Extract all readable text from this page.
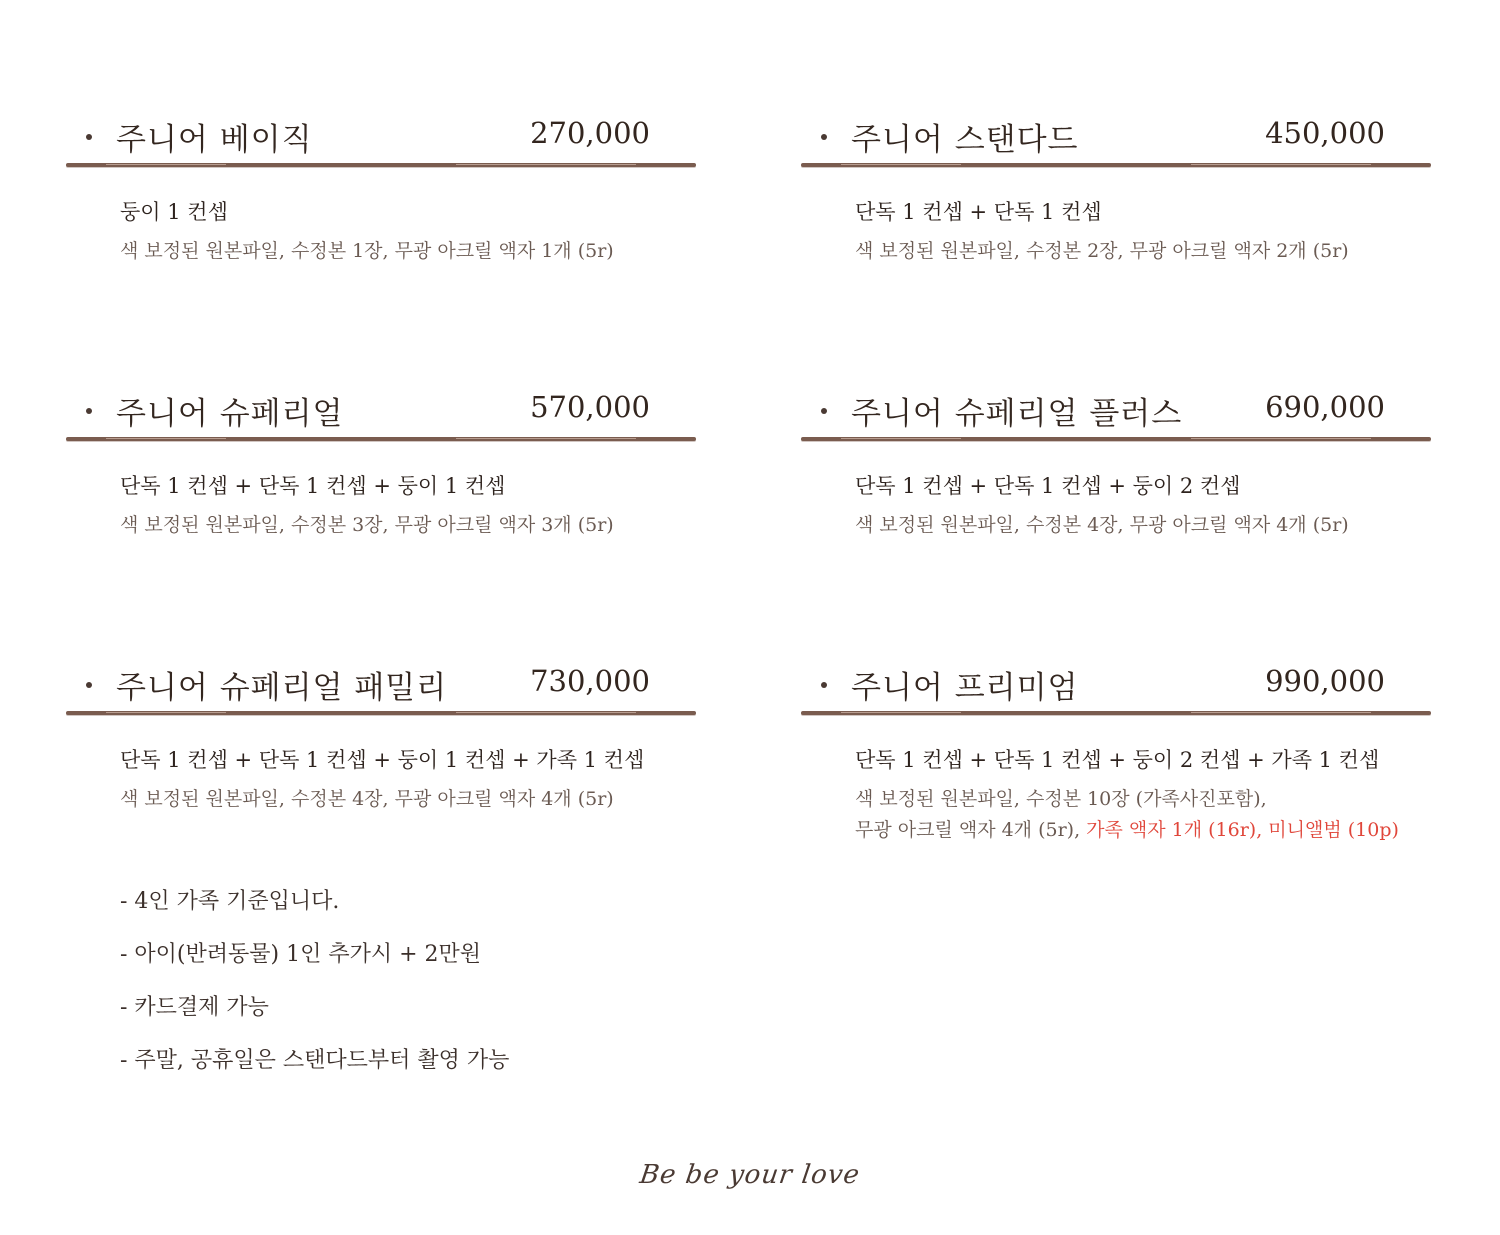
주니어 베이직	270,000
둥이 1 컨셉
색 보정된 원본파일, 수정본 1장, 무광 아크릴 액자 1개 (5r)
주니어 스탠다드	450,000
단독 1 컨셉 + 단독 1 컨셉
색 보정된 원본파일, 수정본 2장, 무광 아크릴 액자 2개 (5r)
주니어 슈페리얼	570,000
단독 1 컨셉 + 단독 1 컨셉 + 둥이 1 컨셉
색 보정된 원본파일, 수정본 3장, 무광 아크릴 액자 3개 (5r)
주니어 슈페리얼 플러스	690,000
단독 1 컨셉 + 단독 1 컨셉 + 둥이 2 컨셉
색 보정된 원본파일, 수정본 4장, 무광 아크릴 액자 4개 (5r)
주니어 슈페리얼 패밀리	730,000
단독 1 컨셉 + 단독 1 컨셉 + 둥이 1 컨셉 + 가족 1 컨셉
색 보정된 원본파일, 수정본 4장, 무광 아크릴 액자 4개 (5r)
주니어 프리미엄	990,000
단독 1 컨셉 + 단독 1 컨셉 + 둥이 2 컨셉 + 가족 1 컨셉
색 보정된 원본파일, 수정본 10장 (가족사진포함),
무광 아크릴 액자 4개 (5r), 가족 액자 1개 (16r), 미니앨범 (10p)
- 4인 가족 기준입니다.
- 아이(반려동물) 1인 추가시 + 2만원
- 카드결제 가능
- 주말, 공휴일은 스탠다드부터 촬영 가능
Be be your love
